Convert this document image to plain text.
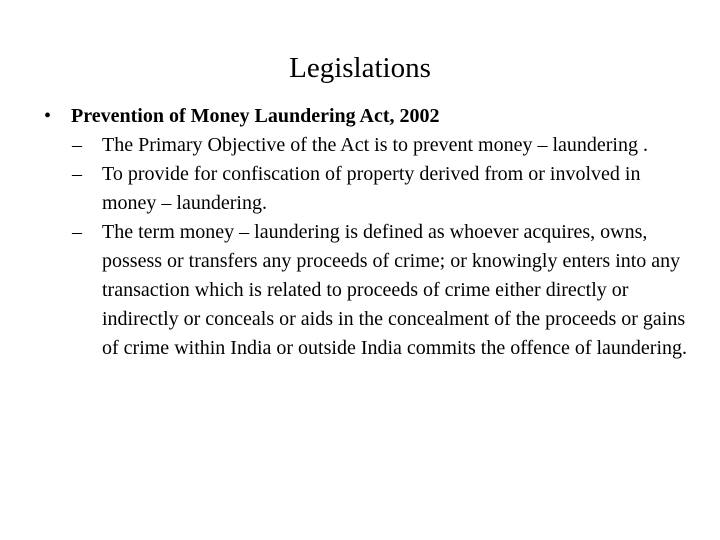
Legislations
• Prevention of Money Laundering Act, 2002
– The Primary Objective of the Act is to prevent money – laundering .
– To provide for confiscation of property derived from or involved in money – laundering.
– The term money – laundering is defined as whoever acquires, owns, possess or transfers any proceeds of crime; or knowingly enters into any transaction which is related to proceeds of crime either directly or indirectly or conceals or aids in the concealment of the proceeds or gains of crime within India or outside India commits the offence of laundering.
